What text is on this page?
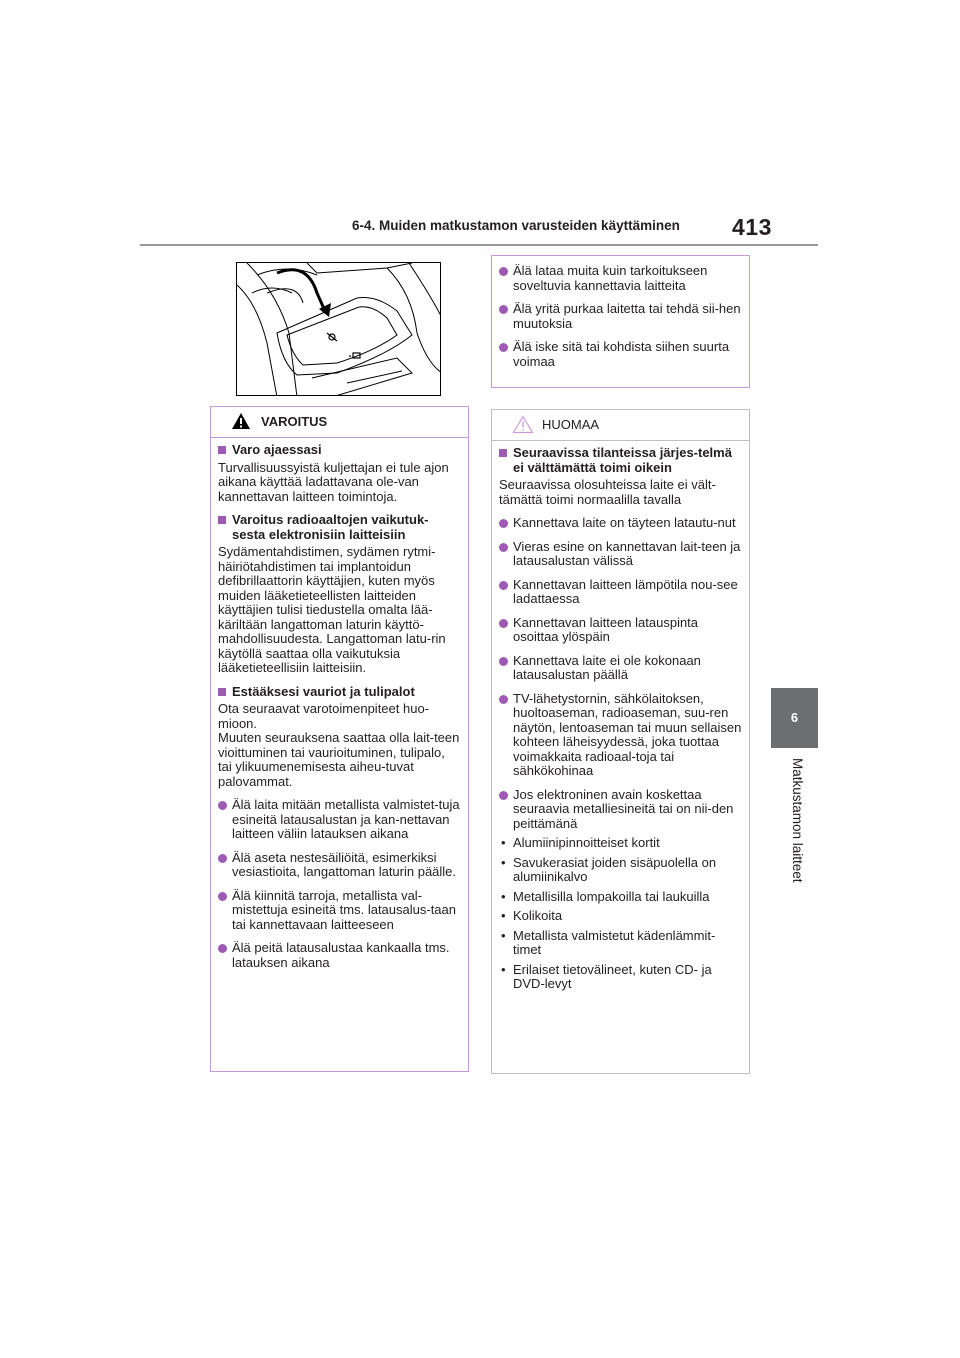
6-4. Muiden matkustamon varusteiden käyttäminen 413
6
Matkustamon laitteet
VAROITUS
Varo ajaessasi
Turvallisuussyistä kuljettajan ei tule ajon aikana käyttää ladattavana ole-van kannettavan laitteen toimintoja.
Varoitus radioaaltojen vaikutuk-sesta elektronisiin laitteisiin
Sydämentahdistimen, sydämen rytmi-häiriötahdistimen tai implantoidun defibrillaattorin käyttäjien, kuten myös muiden lääketieteellisten laitteiden käyttäjien tulisi tiedustella omalta lää-käriltään langattoman laturin käyttö-mahdollisuudesta. Langattoman latu-rin käytöllä saattaa olla vaikutuksia lääketieteellisiin laitteisiin.
Estääksesi vauriot ja tulipalot
Ota seuraavat varotoimenpiteet huo-mioon.
Muuten seurauksena saattaa olla lait-teen vioittuminen tai vaurioituminen, tulipalo, tai ylikuumenemisesta aiheu-tuvat palovammat.
Älä laita mitään metallista valmistet-tuja esineitä latausalustan ja kan-nettavan laitteen väliin latauksen aikana
Älä aseta nestesäiliöitä, esimerkiksi vesiastioita, langattoman laturin päälle.
Älä kiinnitä tarroja, metallista val-mistettuja esineitä tms. latausalus-taan tai kannettavaan laitteeseen
Älä peitä latausalustaa kankaalla tms. latauksen aikana
Älä lataa muita kuin tarkoitukseen soveltuvia kannettavia laitteita
Älä yritä purkaa laitetta tai tehdä sii-hen muutoksia
Älä iske sitä tai kohdista siihen suurta voimaa
HUOMAA
Seuraavissa tilanteissa järjes-telmä ei välttämättä toimi oikein
Seuraavissa olosuhteissa laite ei vält-tämättä toimi normaalilla tavalla
Kannettava laite on täyteen latautu-nut
Vieras esine on kannettavan lait-teen ja latausalustan välissä
Kannettavan laitteen lämpötila nou-see ladattaessa
Kannettavan laitteen latauspinta osoittaa ylöspäin
Kannettava laite ei ole kokonaan latausalustan päällä
TV-lähetystornin, sähkölaitoksen, huoltoaseman, radioaseman, suu-ren näytön, lentoaseman tai muun sellaisen kohteen läheisyydessä, joka tuottaa voimakkaita radioaal-toja tai sähkökohinaa
Jos elektroninen avain koskettaa seuraavia metalliesineitä tai on nii-den peittämänä
• Alumiinipinnoitteiset kortit
• Savukerasiat joiden sisäpuolella on alumiinikalvo
• Metallisilla lompakoilla tai laukuilla
• Kolikoita
• Metallista valmistetut kädenlämmit-timet
• Erilaiset tietovälineet, kuten CD- ja DVD-levyt
